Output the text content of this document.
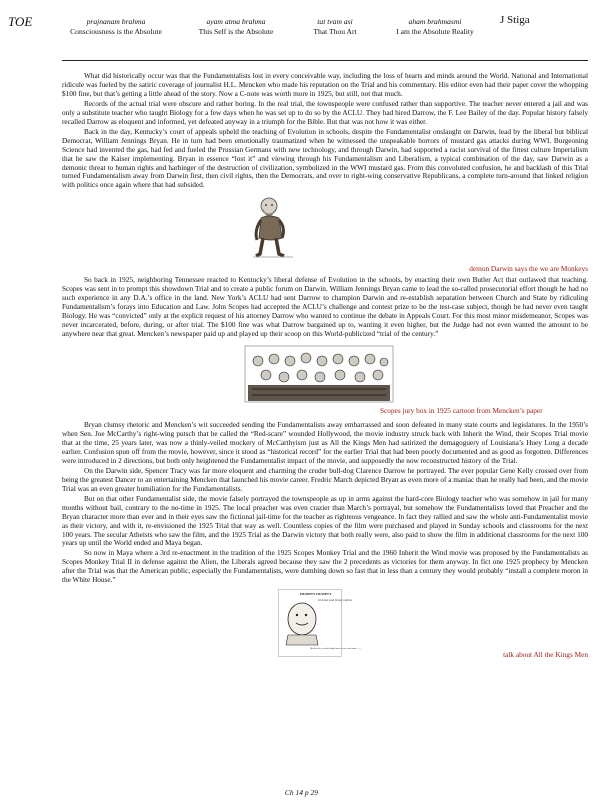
TOE	prajnanam brahma
Consciousness is the Absolute
ayam atma brahma
This Self is the Absolute
tat tvam asi
That Thou Art
aham brahmasmi
I am the Absolute Reality
J Stiga

What did historically occur was that the Fundamentalists lost in every conceivable way, including the loss of hearts and minds around the World. National and International ridicule was fueled by the satiric coverage of journalist H.L. Mencken who made his reputation on the Trial and his commentary. His editor even had their paper cover the whopping $100 fine, but that’s getting a little ahead of the story. Now a C-note was worth more in 1925, but still, not that much.

Records of the actual trial were obscure and rather boring. In the real trial, the townspeople were confused rather than supportive. The teacher never entered a jail and was only a substitute teacher who taught Biology for a few days when he was set up to do so by the ACLU. They had hired Darrow, the F. Lee Bailey of the day. Popular history falsely recalled Darrow as eloquent and informed, yet defeated anyway in a triumph for the Bible. But that was not how it was either.

Back in the day, Kentucky’s court of appeals upheld the teaching of Evolution in schools, despite the Fundamentalist onslaught on Darwin, lead by the liberal but biblical Democrat, William Jennings Bryan. He in turn had been emotionally traumatized when he witnessed the unspeakable horrors of mustard gas attacks during WWI. Burgeoning Science had invented the gas, had fed and fueled the Prussian Germans with new technology, and through Darwin, had supported a racist survival of the fittest culture Imperialism that he saw the Kaiser implementing. Bryan in essence “lost it” and viewing through his Fundamentalism and Liberalism, a typical combination of the day, saw Darwin as a demonic threat to human rights and harbinger of the destruction of civilization, symbolized in the WWI mustard gas. From this convoluted confusion, he and backlash of this Trial turned Fundamentalism away from Darwin first, then civil rights, then the Democrats, and over to right-wing conservative Republicans, a complete turn-around that linked religion with politics once again where that had subsided.

demon Darwin says the we are Monkeys

So back in 1925, neighboring Tennessee reacted to Kentucky’s liberal defense of Evolution in the schools, by enacting their own Butler Act that outlawed that teaching. Scopes was sent in to prompt this showdown Trial and to create a public forum on Darwin. William Jennings Bryan came to lead the so-called prosecutorial effort though he had no such experience in any D.A.’s office in the land. New York’s ACLU had sent Darrow to champion Darwin and re-establish separation between Church and State by ridiculing Fundamentalism’s forays into Education and Law. John Scopes had accepted the ACLU’s challenge and contest prize to be the test-case subject, though he had never even taught Biology. He was “convicted” only at the explicit request of his attorney Darrow who wanted to continue the debate in Appeals Court. For this most minor misdemeanor, Scopes was never incarcerated, before, during, or after trial. The $100 fine was what Darrow bargained up to, wanting it even higher, but the Judge had not even wanted the amount to be anywhere near that great. Mencken’s newspaper paid up and played up their scoop on this World-publicized “trial of the century.”

Scopes jury box in 1925 cartoon from Mencken’s paper

Bryan clumsy rhetoric and Mencken’s wit succeeded sending the Fundamentalists away embarrassed and soon defeated in many state courts and legislatures. In the 1950’s when Sen. Joe McCarthy’s right-wing putsch that he called the “Red-scare” wounded Hollywood, the movie industry struck back with Inherit the Wind, their Scopes Trial movie that at the time, 25 years later, was now a thinly-veiled mockery of McCarthyism just as All the Kings Men had satirized the demagoguery of Louisiana’s Huey Long a decade earlier. Confusion spun off from the movie, however, since it stood as “historical record” for the earlier Trial that had been poorly documented and as good as forgotten. Differences were introduced in 2 directions, but both only heightened the Fundamentalist impact of the movie, and supposedly the now reconstructed history of the Trial.

On the Darwin side, Spencer Tracy was far more eloquent and charming the cruder bull-dog Clarence Darrow he portrayed. The ever popular Gene Kelly crossed over from being the greatest Dancer to an entertaining Mencken that launched his movie career. Fredric March depicted Bryan as even more of a maniac than he really had been, and the movie Trial was an even greater humiliation for the Fundamentalists.

But on that other Fundamentalist side, the movie falsely portrayed the townspeople as up in arms against the hard-core Biology teacher who was somehow in jail for many months without bail, contrary to the no-time in 1925. The local preacher was even crazier than March’s portrayal, but somehow the Fundamentalists loved that Preacher and the Bryan character more than ever and in their eyes saw the fictional jail-time for the teacher as righteous vengeance. In fact they rallied and saw the whole anti-Fundamentalist movie as their victory, and with it, re-envisioned the 1925 Trial that way as well. Countless copies of the film were purchased and played in Sunday schools and classrooms for the next 100 years. The secular Atheists who saw the film, and the 1925 Trial as the Darwin victory that both really were, also paid to show the film in additional classrooms for the next 100 years up until the World ended and Maya began.

So now in Maya where a 3rd re-enactment in the tradition of the 1925 Scopes Monkey Trial and the 1960 Inherit the Wind movie was proposed by the Fundamentalists as Scopes Monkey Trial II in defense against the Alien, the Liberals agreed because they saw the 2 precedents as victories for them anyway. In fict one 1925 prophecy by Mencken after the Trial was that the American public, especially the Fundamentalists, were dumbing down so fast that in less than a century they would probably “install a complete moron in the White House.”

HUMPTY DUMPTY
at his best point in long coalition
(Really they would budget more leaves and more ...)
talk about All the Kings Men
Ch 14 p 29
